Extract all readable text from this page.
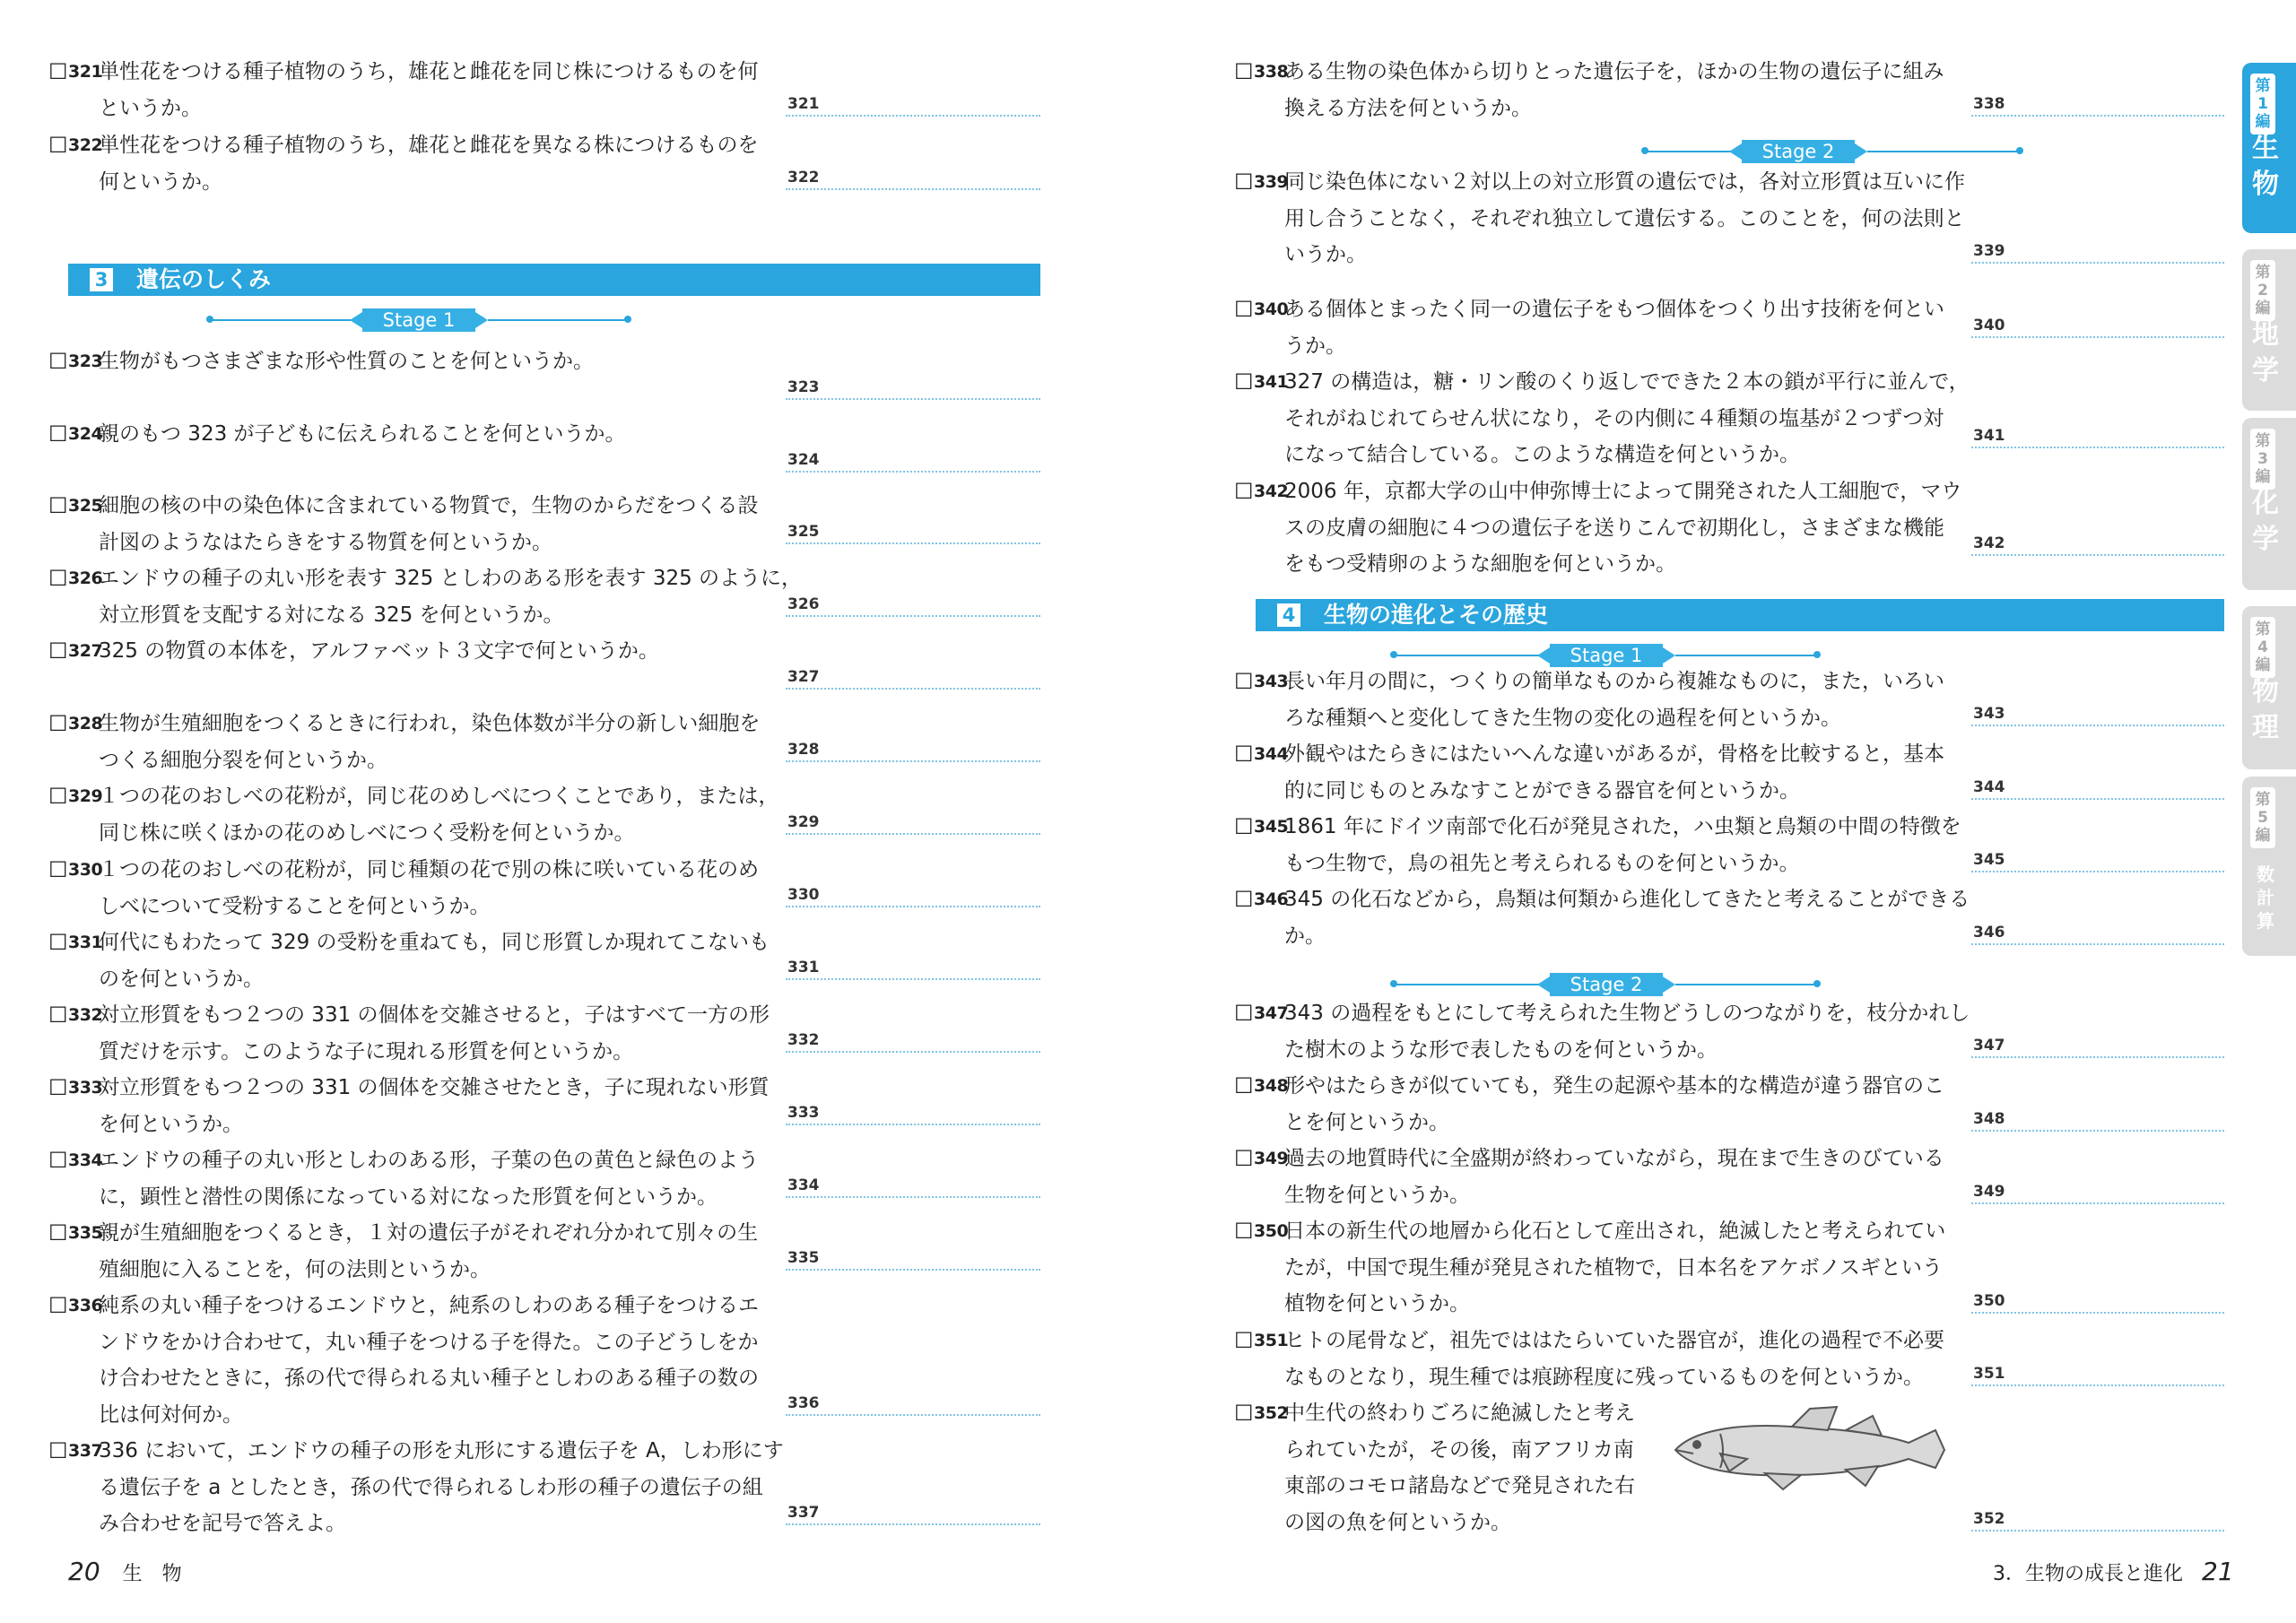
3 遺伝のしくみ
Stage 1
☐ 321
単性花をつける種子植物のうち，雄花と雌花を同じ株につけるものを何
というか。	321
☐ 322
単性花をつける種子植物のうち，雄花と雌花を異なる株につけるものを
何というか。	322
☐ 323
生物がもつさまざまな形や性質のことを何というか。
323
☐ 324
親のもつ 323 が子どもに伝えられることを何というか。
324
☐ 325
細胞の核の中の染色体に含まれている物質で，生物のからだをつくる設
計図のようなはたらきをする物質を何というか。	325
☐ 326
エンドウの種子の丸い形を表す 325 としわのある形を表す 325 のように，
対立形質を支配する対になる 325 を何というか。	326
☐ 327
325 の物質の本体を，アルファベット３文字で何というか。
327
☐ 328
生物が生殖細胞をつくるときに行われ，染色体数が半分の新しい細胞を
つくる細胞分裂を何というか。	328
☐ 329
１つの花のおしべの花粉が，同じ花のめしべにつくことであり，または，
同じ株に咲くほかの花のめしべにつく受粉を何というか。	329
☐ 330
１つの花のおしべの花粉が，同じ種類の花で別の株に咲いている花のめ
しべについて受粉することを何というか。	330
☐ 331
何代にもわたって 329 の受粉を重ねても，同じ形質しか現れてこないも
のを何というか。	331
☐ 332
対立形質をもつ２つの 331 の個体を交雑させると，子はすべて一方の形
質だけを示す。このような子に現れる形質を何というか。	332
☐ 333
対立形質をもつ２つの 331 の個体を交雑させたとき，子に現れない形質
を何というか。	333
☐ 334
エンドウの種子の丸い形としわのある形，子葉の色の黄色と緑色のよう
に，顕性と潜性の関係になっている対になった形質を何というか。	334
☐ 335
親が生殖細胞をつくるとき，１対の遺伝子がそれぞれ分かれて別々の生
殖細胞に入ることを，何の法則というか。	335
☐ 336
純系の丸い種子をつけるエンドウと，純系のしわのある種子をつけるエ
ンドウをかけ合わせて，丸い種子をつける子を得た。この子どうしをか
け合わせたときに，孫の代で得られる丸い種子としわのある種子の数の
比は何対何か。	336
☐ 337
336 において，エンドウの種子の形を丸形にする遺伝子を A，しわ形にす
る遺伝子を a としたとき，孫の代で得られるしわ形の種子の遺伝子の組
み合わせを記号で答えよ。	337
20 生　物
Stage 2
4 生物の進化とその歴史
Stage 1
Stage 2
☐ 338
ある生物の染色体から切りとった遺伝子を，ほかの生物の遺伝子に組み
換える方法を何というか。	338
☐ 339
同じ染色体にない２対以上の対立形質の遺伝では，各対立形質は互いに作
用し合うことなく，それぞれ独立して遺伝する。このことを，何の法則と
いうか。	339
☐ 340
ある個体とまったく同一の遺伝子をもつ個体をつくり出す技術を何とい
うか。
340
☐ 341
327 の構造は，糖・リン酸のくり返しでできた２本の鎖が平行に並んで，
それがねじれてらせん状になり，その内側に４種類の塩基が２つずつ対
になって結合している。このような構造を何というか。
341
☐ 342
2006 年，京都大学の山中伸弥博士によって開発された人工細胞で，マウ
スの皮膚の細胞に４つの遺伝子を送りこんで初期化し，さまざまな機能
をもつ受精卵のような細胞を何というか。
342
☐ 343
長い年月の間に，つくりの簡単なものから複雑なものに，また，いろい
ろな種類へと変化してきた生物の変化の過程を何というか。	343
☐ 344
外観やはたらきにはたいへんな違いがあるが，骨格を比較すると，基本
的に同じものとみなすことができる器官を何というか。	344
☐ 345
1861 年にドイツ南部で化石が発見された，ハ虫類と鳥類の中間の特徴を
もつ生物で，鳥の祖先と考えられるものを何というか。	345
☐ 346
345 の化石などから，鳥類は何類から進化してきたと考えることができる
か。	346
☐ 347
343 の過程をもとにして考えられた生物どうしのつながりを，枝分かれし
た樹木のような形で表したものを何というか。	347
☐ 348
形やはたらきが似ていても，発生の起源や基本的な構造が違う器官のこ
とを何というか。	348
☐ 349
過去の地質時代に全盛期が終わっていながら，現在まで生きのびている
生物を何というか。	349
☐ 350
日本の新生代の地層から化石として産出され，絶滅したと考えられてい
たが，中国で現生種が発見された植物で，日本名をアケボノスギという
植物を何というか。	350
☐ 351
ヒトの尾骨など，祖先でははたらいていた器官が，進化の過程で不必要
なものとなり，現生種では痕跡程度に残っているものを何というか。	351
☐ 352
中生代の終わりごろに絶滅したと考え
られていたが，その後，南アフリカ南
東部のコモロ諸島などで発見された右
の図の魚を何というか。	352
3．生物の成長と進化 21
第
1
編
生
物
第
2
編
地
学
第
3
編
化
学
第
4
編
物
理
第
5
編
数
計
算
